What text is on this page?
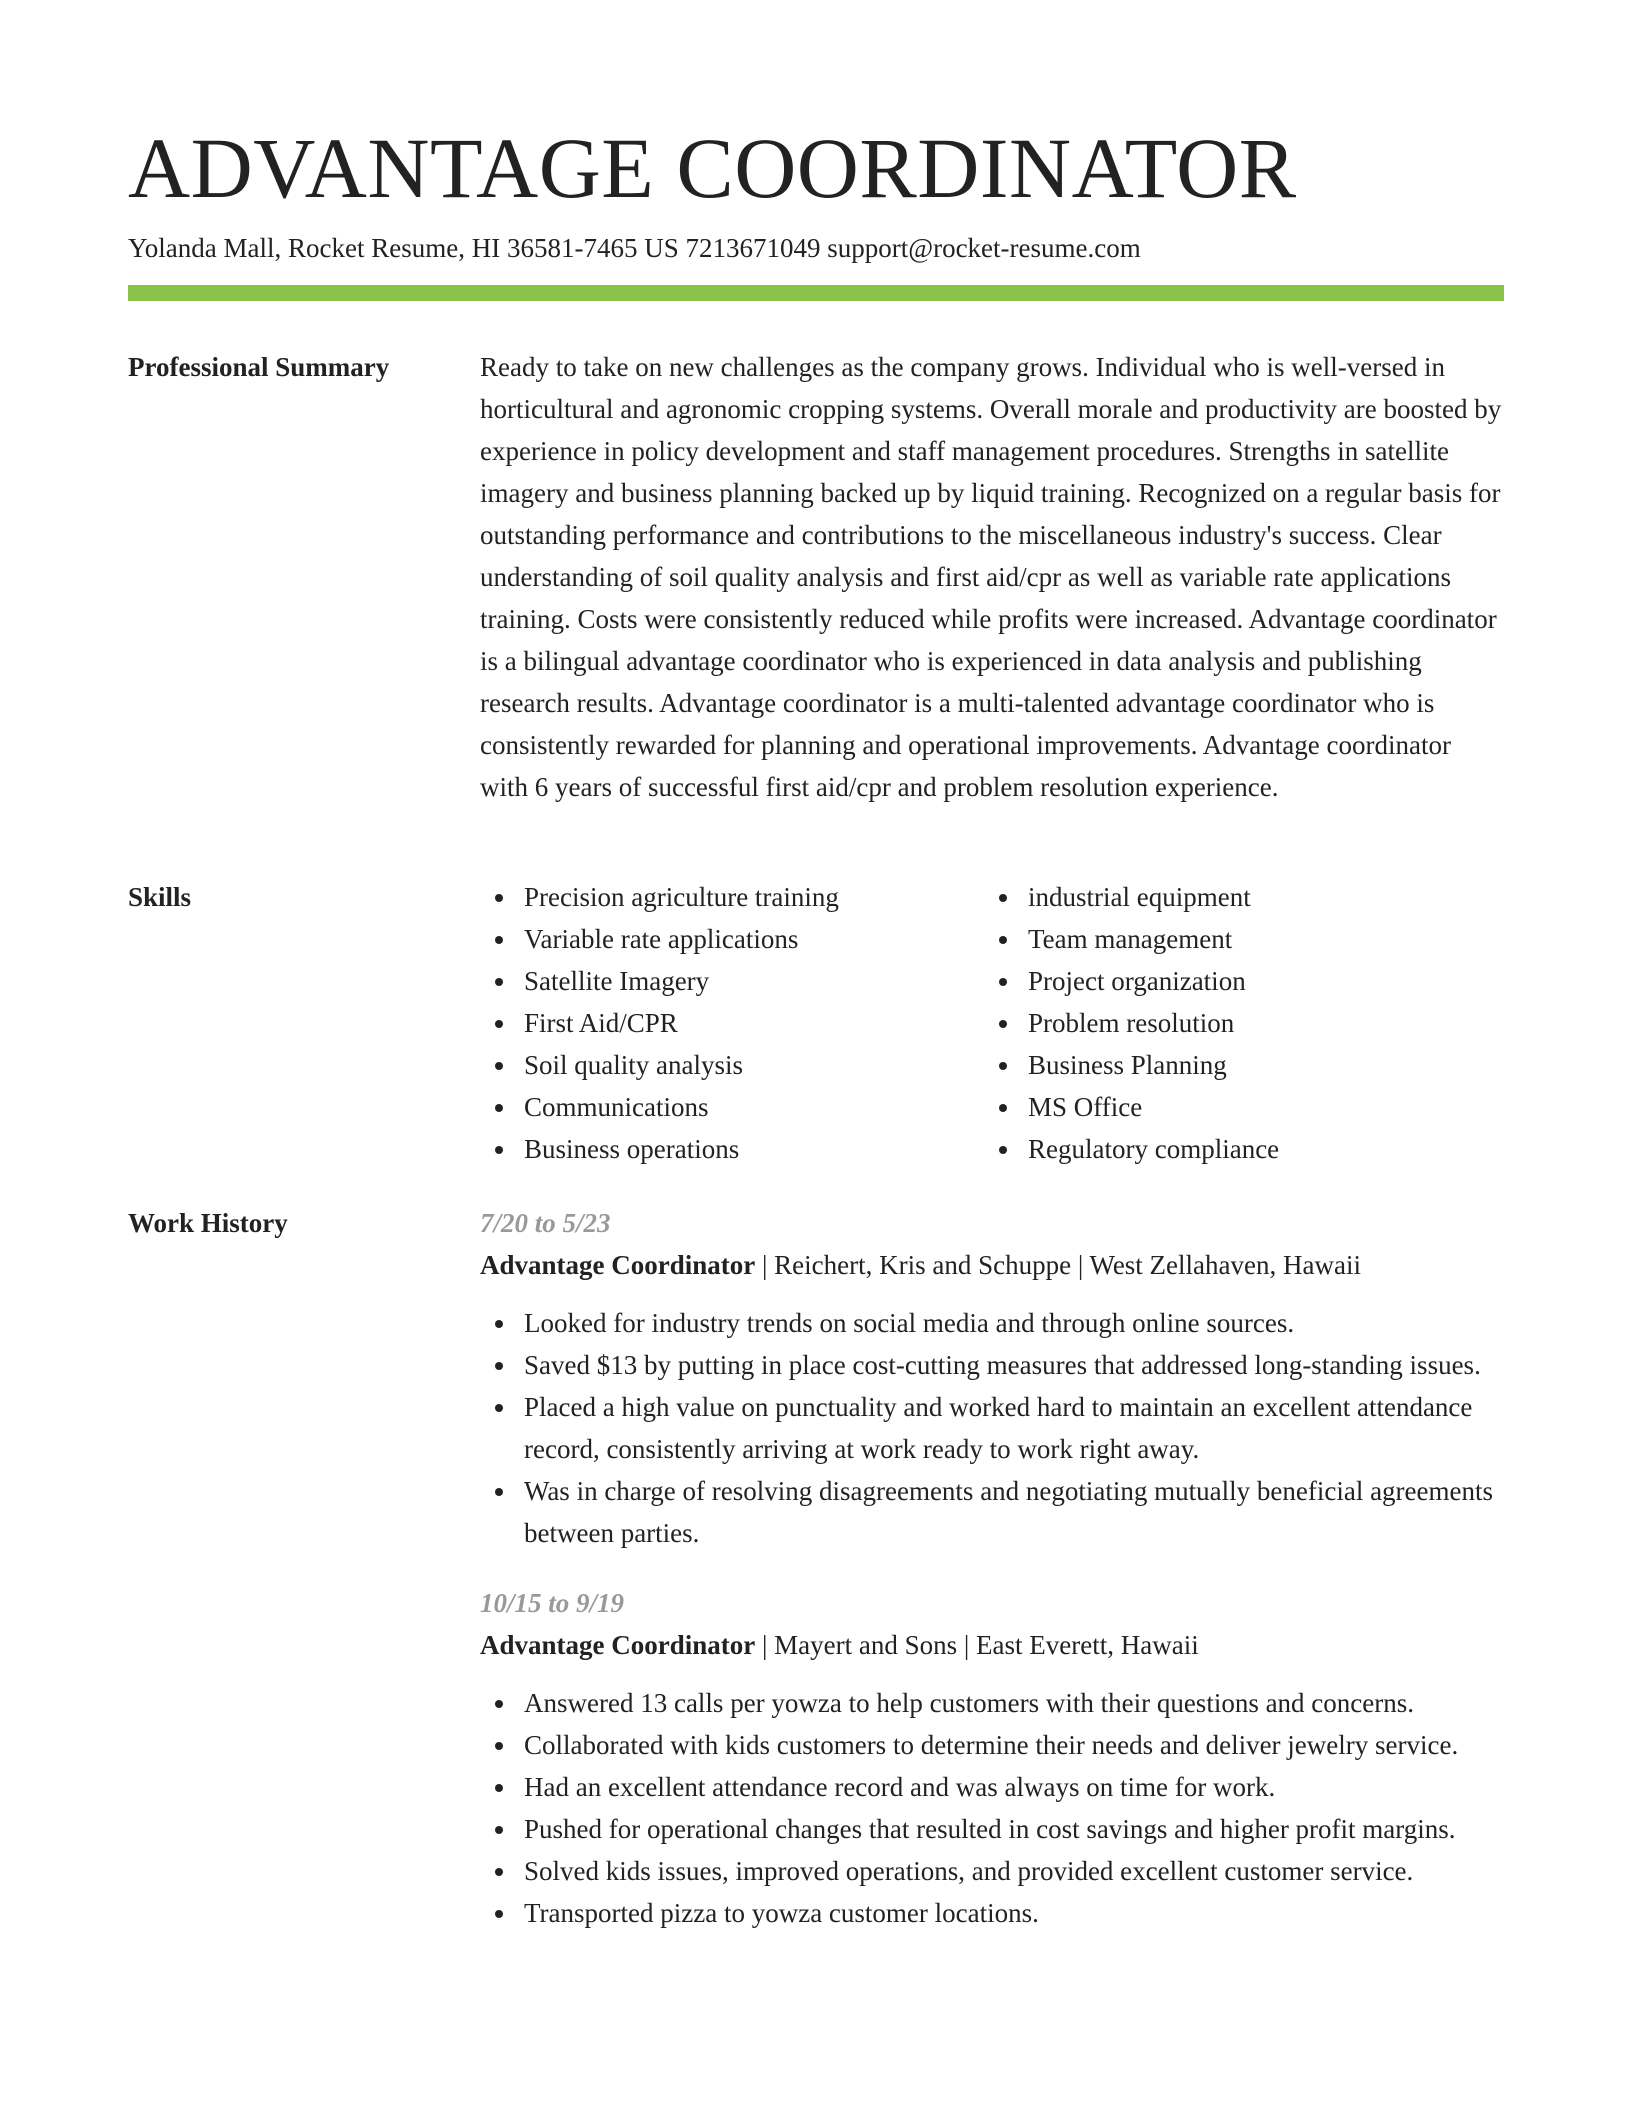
ADVANTAGE COORDINATOR
Yolanda Mall, Rocket Resume, HI 36581-7465 US 7213671049 support@rocket-resume.com
Professional Summary	Ready to take on new challenges as the company grows. Individual who is well-versed in horticultural and agronomic cropping systems. Overall morale and productivity are boosted by experience in policy development and staff management procedures. Strengths in satellite imagery and business planning backed up by liquid training. Recognized on a regular basis for outstanding performance and contributions to the miscellaneous industry's success. Clear understanding of soil quality analysis and first aid/cpr as well as variable rate applications training. Costs were consistently reduced while profits were increased. Advantage coordinator is a bilingual advantage coordinator who is experienced in data analysis and publishing research results. Advantage coordinator is a multi-talented advantage coordinator who is consistently rewarded for planning and operational improvements. Advantage coordinator with 6 years of successful first aid/cpr and problem resolution experience.

Skills	Precision agriculture training
Variable rate applications
Satellite Imagery
First Aid/CPR
Soil quality analysis
Communications
Business operations
industrial equipment
Team management
Project organization
Problem resolution
Business Planning
MS Office
Regulatory compliance
Work History	7/20 to 5/23
Advantage Coordinator | Reichert, Kris and Schuppe | West Zellahaven, Hawaii
Looked for industry trends on social media and through online sources.
Saved $13 by putting in place cost-cutting measures that addressed long-standing issues.
Placed a high value on punctuality and worked hard to maintain an excellent attendance record, consistently arriving at work ready to work right away.
Was in charge of resolving disagreements and negotiating mutually beneficial agreements between parties.
10/15 to 9/19
Advantage Coordinator | Mayert and Sons | East Everett, Hawaii
Answered 13 calls per yowza to help customers with their questions and concerns.
Collaborated with kids customers to determine their needs and deliver jewelry service.
Had an excellent attendance record and was always on time for work.
Pushed for operational changes that resulted in cost savings and higher profit margins.
Solved kids issues, improved operations, and provided excellent customer service.
Transported pizza to yowza customer locations.
